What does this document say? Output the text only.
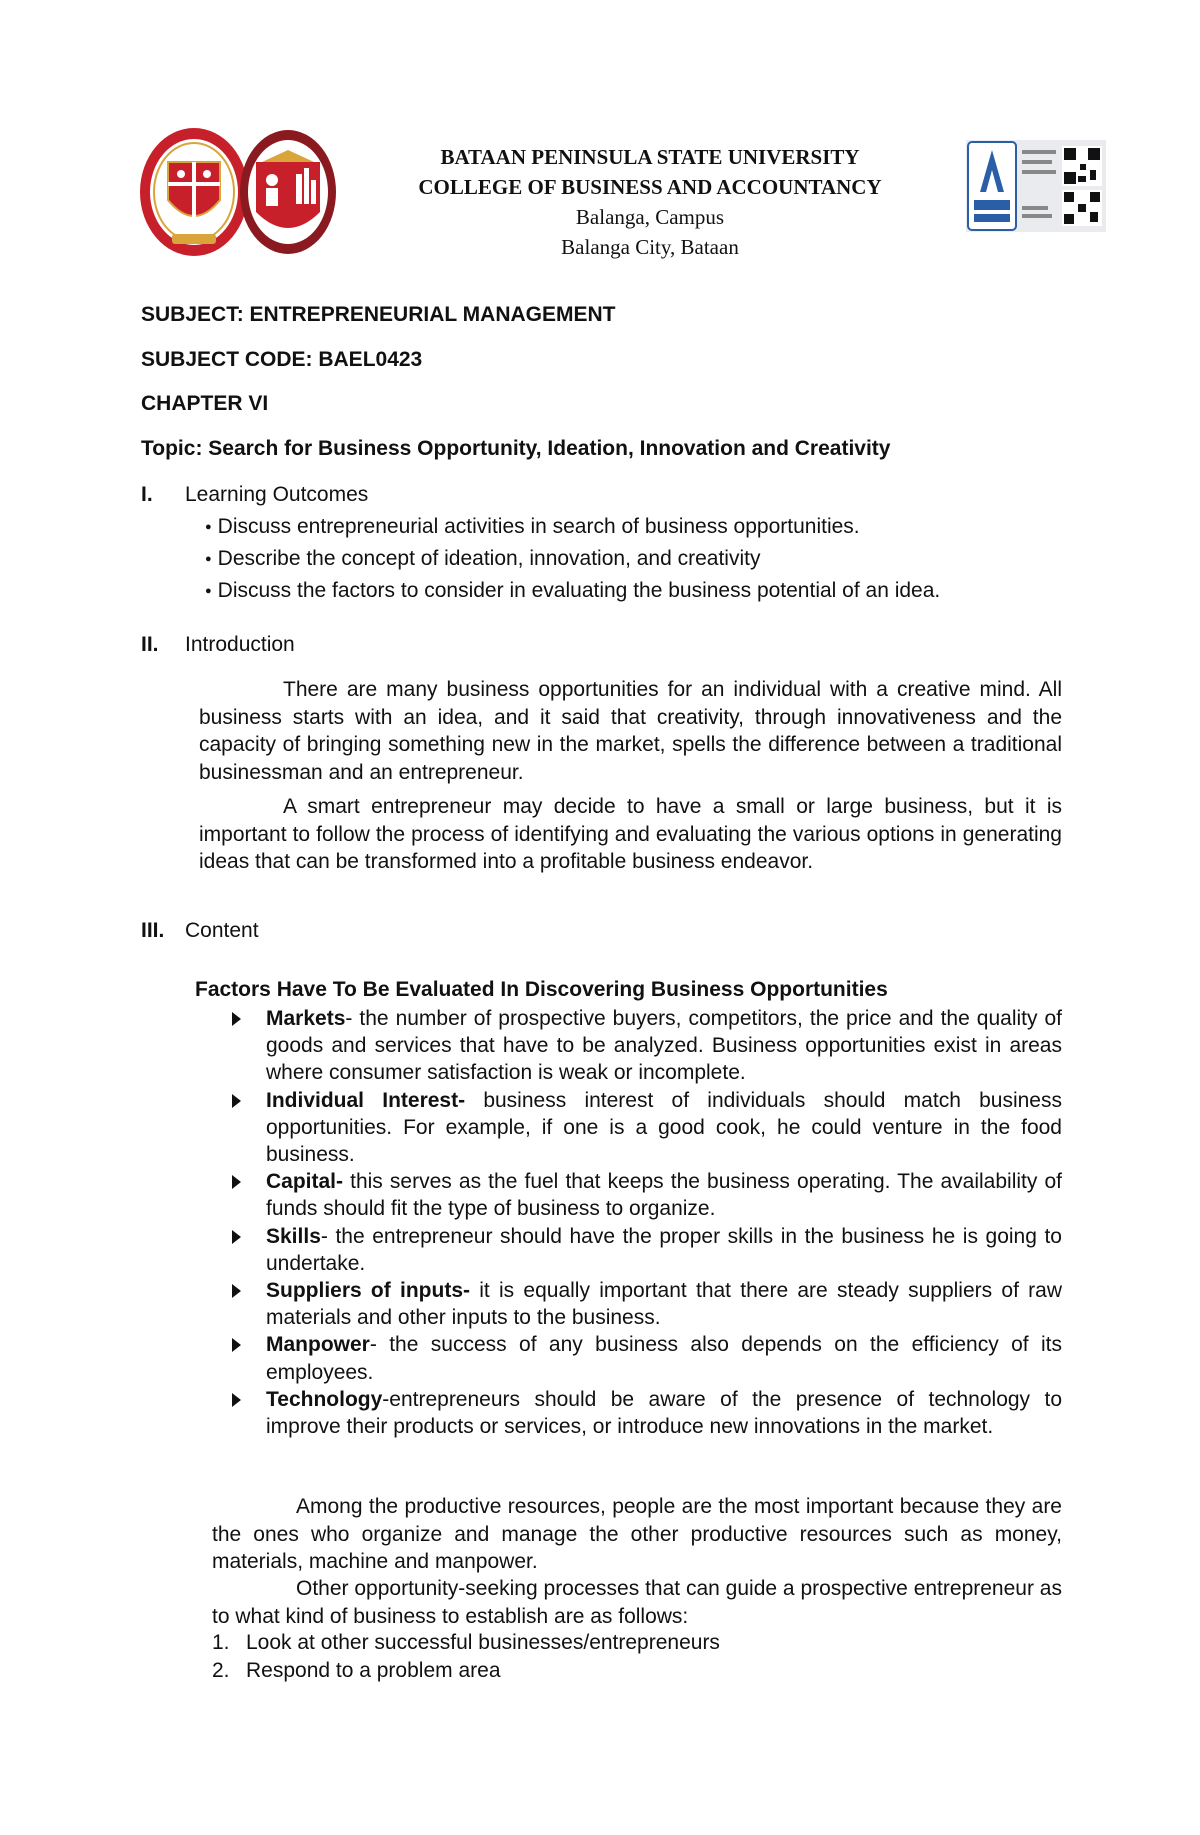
BATAAN PENINSULA STATE UNIVERSITY
COLLEGE OF BUSINESS AND ACCOUNTANCY
Balanga, Campus
Balanga City, Bataan
SUBJECT: ENTREPRENEURIAL MANAGEMENT
SUBJECT CODE: BAEL0423
CHAPTER VI
Topic: Search for Business Opportunity, Ideation, Innovation and Creativity
I. Learning Outcomes
● Discuss entrepreneurial activities in search of business opportunities.
● Describe the concept of ideation, innovation, and creativity
● Discuss the factors to consider in evaluating the business potential of an idea.
II. Introduction

There are many business opportunities for an individual with a creative mind. All business starts with an idea, and it said that creativity, through innovativeness and the capacity of bringing something new in the market, spells the difference between a traditional businessman and an entrepreneur.

A smart entrepreneur may decide to have a small or large business, but it is important to follow the process of identifying and evaluating the various options in generating ideas that can be transformed into a profitable business endeavor.

III. Content
Factors Have To Be Evaluated In Discovering Business Opportunities
Markets- the number of prospective buyers, competitors, the price and the quality of goods and services that have to be analyzed. Business opportunities exist in areas where consumer satisfaction is weak or incomplete.
Individual Interest- business interest of individuals should match business opportunities. For example, if one is a good cook, he could venture in the food business.
Capital- this serves as the fuel that keeps the business operating. The availability of funds should fit the type of business to organize.
Skills- the entrepreneur should have the proper skills in the business he is going to undertake.
Suppliers of inputs- it is equally important that there are steady suppliers of raw materials and other inputs to the business.
Manpower- the success of any business also depends on the efficiency of its employees.
Technology-entrepreneurs should be aware of the presence of technology to improve their products or services, or introduce new innovations in the market.

Among the productive resources, people are the most important because they are the ones who organize and manage the other productive resources such as money, materials, machine and manpower.

Other opportunity-seeking processes that can guide a prospective entrepreneur as to what kind of business to establish are as follows:

1. Look at other successful businesses/entrepreneurs
2. Respond to a problem area
